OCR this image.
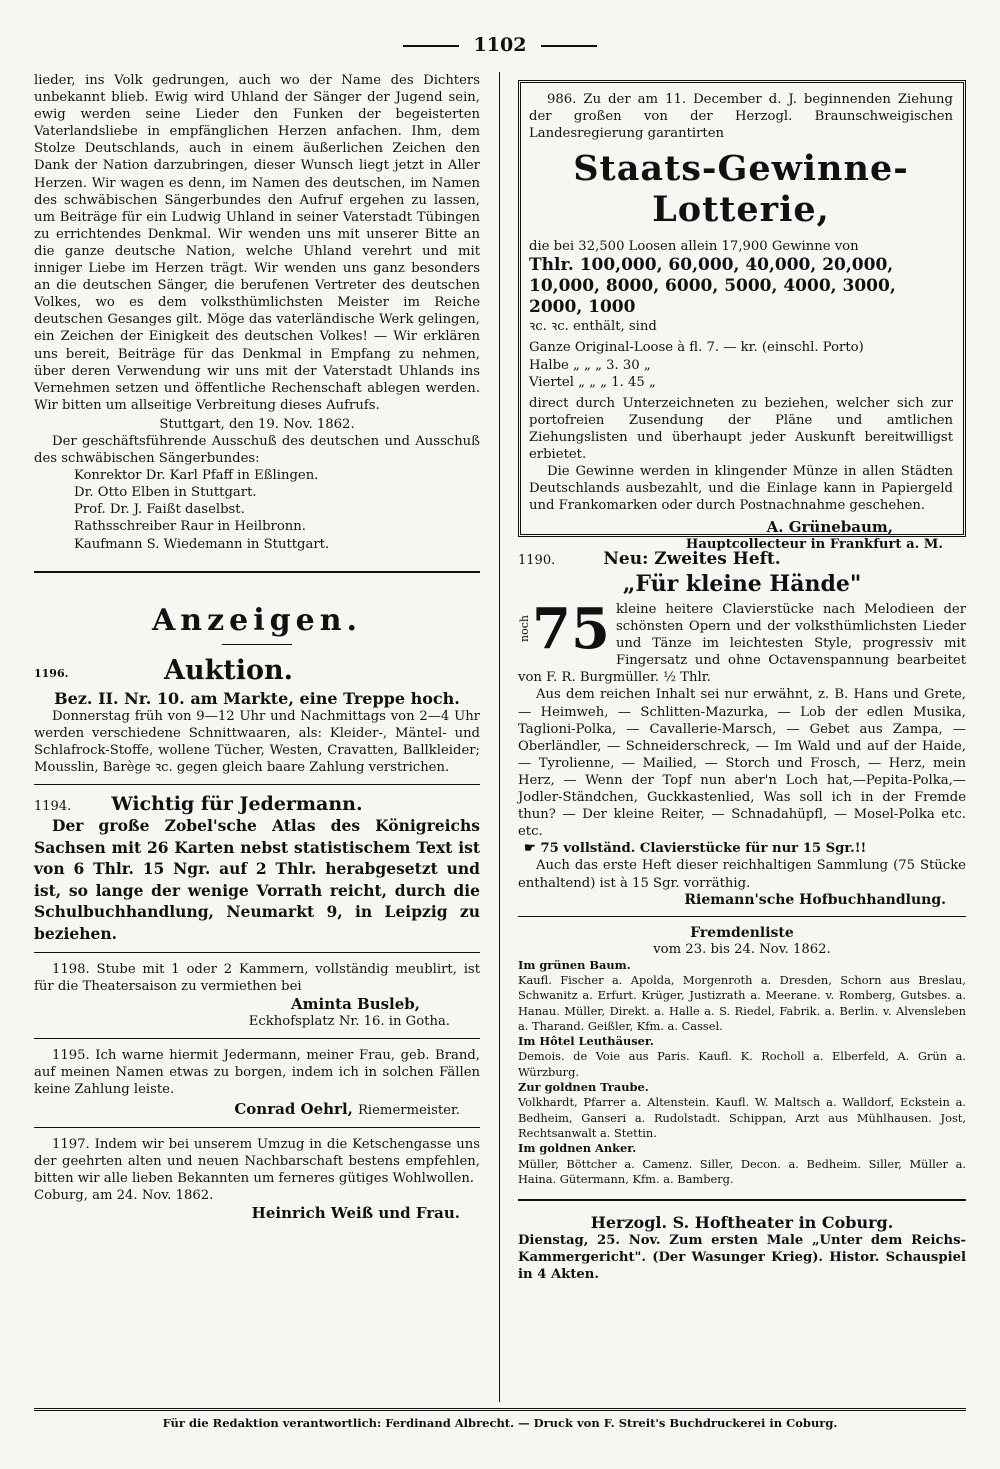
1102

lieder, ins Volk gedrungen, auch wo der Name des Dichters unbekannt blieb. Ewig wird Uhland der Sänger der Jugend sein, ewig werden seine Lieder den Funken der begeisterten Vaterlandsliebe in empfänglichen Herzen anfachen. Ihm, dem Stolze Deutschlands, auch in einem äußerlichen Zeichen den Dank der Nation darzubringen, dieser Wunsch liegt jetzt in Aller Herzen. Wir wagen es denn, im Namen des deutschen, im Namen des schwäbischen Sängerbundes den Aufruf ergehen zu lassen, um Beiträge für ein Ludwig Uhland in seiner Vaterstadt Tübingen zu errichtendes Denkmal. Wir wenden uns mit unserer Bitte an die ganze deutsche Nation, welche Uhland verehrt und mit inniger Liebe im Herzen trägt. Wir wenden uns ganz besonders an die deutschen Sänger, die berufenen Vertreter des deutschen Volkes, wo es dem volksthümlichsten Meister im Reiche deutschen Gesanges gilt. Möge das vaterländische Werk gelingen, ein Zeichen der Einigkeit des deutschen Volkes! — Wir erklären uns bereit, Beiträge für das Denkmal in Empfang zu nehmen, über deren Verwendung wir uns mit der Vaterstadt Uhlands ins Vernehmen setzen und öffentliche Rechenschaft ablegen werden. Wir bitten um allseitige Verbreitung dieses Aufrufs.

Stuttgart, den 19. Nov. 1862.

Der geschäftsführende Ausschuß des deutschen und Ausschuß des schwäbischen Sängerbundes:

Konrektor Dr. Karl Pfaff in Eßlingen.

Dr. Otto Elben in Stuttgart.

Prof. Dr. J. Faißt daselbst.

Rathsschreiber Raur in Heilbronn.

Kaufmann S. Wiedemann in Stuttgart.

Anzeigen.
1196.	Auktion.

Bez. II. Nr. 10. am Markte, eine Treppe hoch.

Donnerstag früh von 9—12 Uhr und Nachmittags von 2—4 Uhr werden verschiedene Schnittwaaren, als: Kleider-, Mäntel- und Schlafrock-Stoffe, wollene Tücher, Westen, Cravatten, Ballkleider; Mousslin, Barège ꝛc. gegen gleich baare Zahlung verstrichen.

1194. Wichtig für Jedermann.

Der große Zobel'sche Atlas des Königreichs Sachsen mit 26 Karten nebst statistischem Text ist von 6 Thlr. 15 Ngr. auf 2 Thlr. herabgesetzt und ist, so lange der wenige Vorrath reicht, durch die Schulbuchhandlung, Neumarkt 9, in Leipzig zu beziehen.

1198. Stube mit 1 oder 2 Kammern, vollständig meublirt, ist für die Theatersaison zu vermiethen bei

Aminta Busleb,

Eckhofsplatz Nr. 16. in Gotha.

1195. Ich warne hiermit Jedermann, meiner Frau, geb. Brand, auf meinen Namen etwas zu borgen, indem ich in solchen Fällen keine Zahlung leiste.

Conrad Oehrl, Riemermeister.

1197. Indem wir bei unserem Umzug in die Ketschengasse uns der geehrten alten und neuen Nachbarschaft bestens empfehlen, bitten wir alle lieben Bekannten um ferneres gütiges Wohlwollen.

Coburg, am 24. Nov. 1862.

Heinrich Weiß und Frau.

986. Zu der am 11. December d. J. beginnenden Ziehung der großen von der Herzogl. Braunschweigischen Landesregierung garantirten

Staats-Gewinne-Lotterie,

die bei 32,500 Loosen allein 17,900 Gewinne von

Thlr. 100,000, 60,000, 40,000, 20,000, 10,000, 8000, 6000, 5000, 4000, 3000, 2000, 1000

ꝛc. ꝛc. enthält, sind

Ganze Original-Loose à fl. 7. — kr. (einschl. Porto)

Halbe „ „ „ 3. 30 „

Viertel „ „ „ 1. 45 „

direct durch Unterzeichneten zu beziehen, welcher sich zur portofreien Zusendung der Pläne und amtlichen Ziehungslisten und überhaupt jeder Auskunft bereitwilligst erbietet.

Die Gewinne werden in klingender Münze in allen Städten Deutschlands ausbezahlt, und die Einlage kann in Papiergeld und Frankomarken oder durch Postnachnahme geschehen.

A. Grünebaum,

Hauptcollecteur in Frankfurt a. M.

1190.	Neu: Zweites Heft.

„Für kleine Hände"
noch 75 kleine heitere Clavierstücke nach Melodieen der schönsten Opern und der volksthümlichsten Lieder und Tänze im leichtesten Style, progressiv mit Fingersatz und ohne Octavenspannung bearbeitet von F. R. Burgmüller. ½ Thlr.

Aus dem reichen Inhalt sei nur erwähnt, z. B. Hans und Grete, — Heimweh, — Schlitten-Mazurka, — Lob der edlen Musika, Taglioni-Polka, — Cavallerie-Marsch, — Gebet aus Zampa, — Oberländler, — Schneiderschreck, — Im Wald und auf der Haide, — Tyrolienne, — Mailied, — Storch und Frosch, — Herz, mein Herz, — Wenn der Topf nun aber'n Loch hat,—Pepita-Polka,—Jodler-Ständchen, Guckkastenlied, Was soll ich in der Fremde thun? — Der kleine Reiter, — Schnadahüpfl, — Mosel-Polka etc. etc.

☛ 75 vollständ. Clavierstücke für nur 15 Sgr.!!

Auch das erste Heft dieser reichhaltigen Sammlung (75 Stücke enthaltend) ist à 15 Sgr. vorräthig.

Riemann'sche Hofbuchhandlung.

Fremdenliste

vom 23. bis 24. Nov. 1862.

Im grünen Baum.

Kaufl. Fischer a. Apolda, Morgenroth a. Dresden, Schorn aus Breslau, Schwanitz a. Erfurt. Krüger, Justizrath a. Meerane. v. Romberg, Gutsbes. a. Hanau. Müller, Direkt. a. Halle a. S. Riedel, Fabrik. a. Berlin. v. Alvensleben a. Tharand. Geißler, Kfm. a. Cassel.

Im Hôtel Leuthäuser.

Demois. de Voie aus Paris. Kaufl. K. Rocholl a. Elberfeld, A. Grün a. Würzburg.

Zur goldnen Traube.

Volkhardt, Pfarrer a. Altenstein. Kaufl. W. Maltsch a. Walldorf, Eckstein a. Bedheim, Ganseri a. Rudolstadt. Schippan, Arzt aus Mühlhausen. Jost, Rechtsanwalt a. Stettin.

Im goldnen Anker.

Müller, Böttcher a. Camenz. Siller, Decon. a. Bedheim. Siller, Müller a. Haina. Gütermann, Kfm. a. Bamberg.

Herzogl. S. Hoftheater in Coburg.

Dienstag, 25. Nov. Zum ersten Male „Unter dem Reichs-Kammergericht". (Der Wasunger Krieg). Histor. Schauspiel in 4 Akten.

Für die Redaktion verantwortlich: Ferdinand Albrecht. — Druck von F. Streit's Buchdruckerei in Coburg.
